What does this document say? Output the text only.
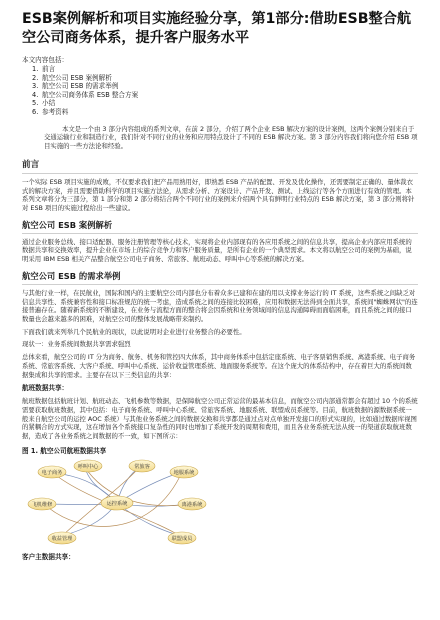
ESB案例解析和项目实施经验分享，第1部分:借助ESB整合航空公司商务体系，提升客户服务水平
本文内容包括：
1. 前言
2. 航空公司 ESB 案例解析
3. 航空公司 ESB 的需求举例
4. 航空公司商务体系 ESB 整合方案
5. 小结
6. 参考资料

本文是一个由 3 部分内容组成的系列文章，在前 2 部分，介绍了两个企业 ESB 解决方案的设计案例，这两个案例分别来自于交通运输行业和制造行业，我们针对不同行业的业务和应用特点设计了不同的 ESB 解决方案。第 3 部分内容我们将向您介绍 ESB 项目实施的一些方法论和经验。

前言

一个实际 ESB 项目实施的成败，不仅要求我们把产品用熟用好，即熟悉 ESB 产品的配置、开发及优化操作，还需要制定正确的、量体裁衣式的解决方案，并且需要借助科学的项目实施方法论，从需求分析、方案设计、产品开发、测试、上线运行等各个方面进行有效的管理。本系列文章将分为三部分，第 1 部分和第 2 部分将结合两个不同行业的案例来介绍两个具有鲜明行业特点的 ESB 解决方案，第 3 部分则将针对 ESB 项目的实施过程给出一些建议。

航空公司 ESB 案例解析

通过企业服务总线、接口适配器、服务注册管理等核心技术，实现将企业内部现有的各应用系统之间的信息共享，提高企业内部应用系统的数据共享和交换效率，提升企业在市场上的综合竞争力和客户服务质量，是所有企业的一个典型需求。本文将以航空公司的案例为基础，说明采用 IBM ESB 相关产品整合航空公司电子商务、常旅客、航班动态、呼叫中心等系统的解决方案。

航空公司 ESB 的需求举例

与其他行业一样，在民航业，国际和国内的主要航空公司内部也分布着众多已建和在建的用以支撑业务运行的 IT 系统，这些系统之间缺乏对信息共享性、系统兼容性和接口标准规范的统一考虑，造成系统之间的连接比较困难，应用和数据无法得到全面共享，系统间"蜘蛛网状"的连接普遍存在。随着新系统的不断建设，在业务与流程方面的整合将会因系统和业务领域间的信息沟通障碍而面临困难，而且系统之间的接口数量也会越来越多的困难，对航空公司的整体发展战略带来制约。

下面我们就来列举几个民航业的现状，以此说明对企业进行业务整合的必要性。

现状一：业务系统间数据共享需求强烈

总体来看，航空公司的 IT 分为商务、航务、机务和管控四大体系，其中商务体系中包括定座系统、电子客票销售系统、离港系统、电子商务系统、常旅客系统、大客户系统、呼叫中心系统、运价收益管理系统、地面服务系统等。在这个庞大的体系结构中，存在着巨大的系统间数据集成和共享的需求。主要存在以下三类信息的共享：

航班数据共享：

航班数据包括航班计划、航班动态、飞机参数等数据，是保障航空公司正常运营的最基本信息，而航空公司内部通常都会有超过 10 个的系统需要获取航班数据，其中包括：电子商务系统、呼叫中心系统、常旅客系统、地服系统、联盟成员系统等。目前，航班数据的源数据系统一般来自航空公司的运控 AOC 系统）与其他业务系统之间的数据交换和共享都是通过点对点单独开发接口的形式实现的，比如通过数据库视图的紧耦合的方式实现，这在增加各个系统接口复杂性的同时也增加了系统开发的周期和费用，而且各业务系统无法从统一的渠道获取航班数据，造成了各业务系统之间数据的不一致，如下图所示：

图 1. 航空公司航班数据共享
运控系统
电子商务
呼叫中心	常旅客
地服系统
离港系统
联盟成员
收益管理
飞机维修
客户主数据共享：
